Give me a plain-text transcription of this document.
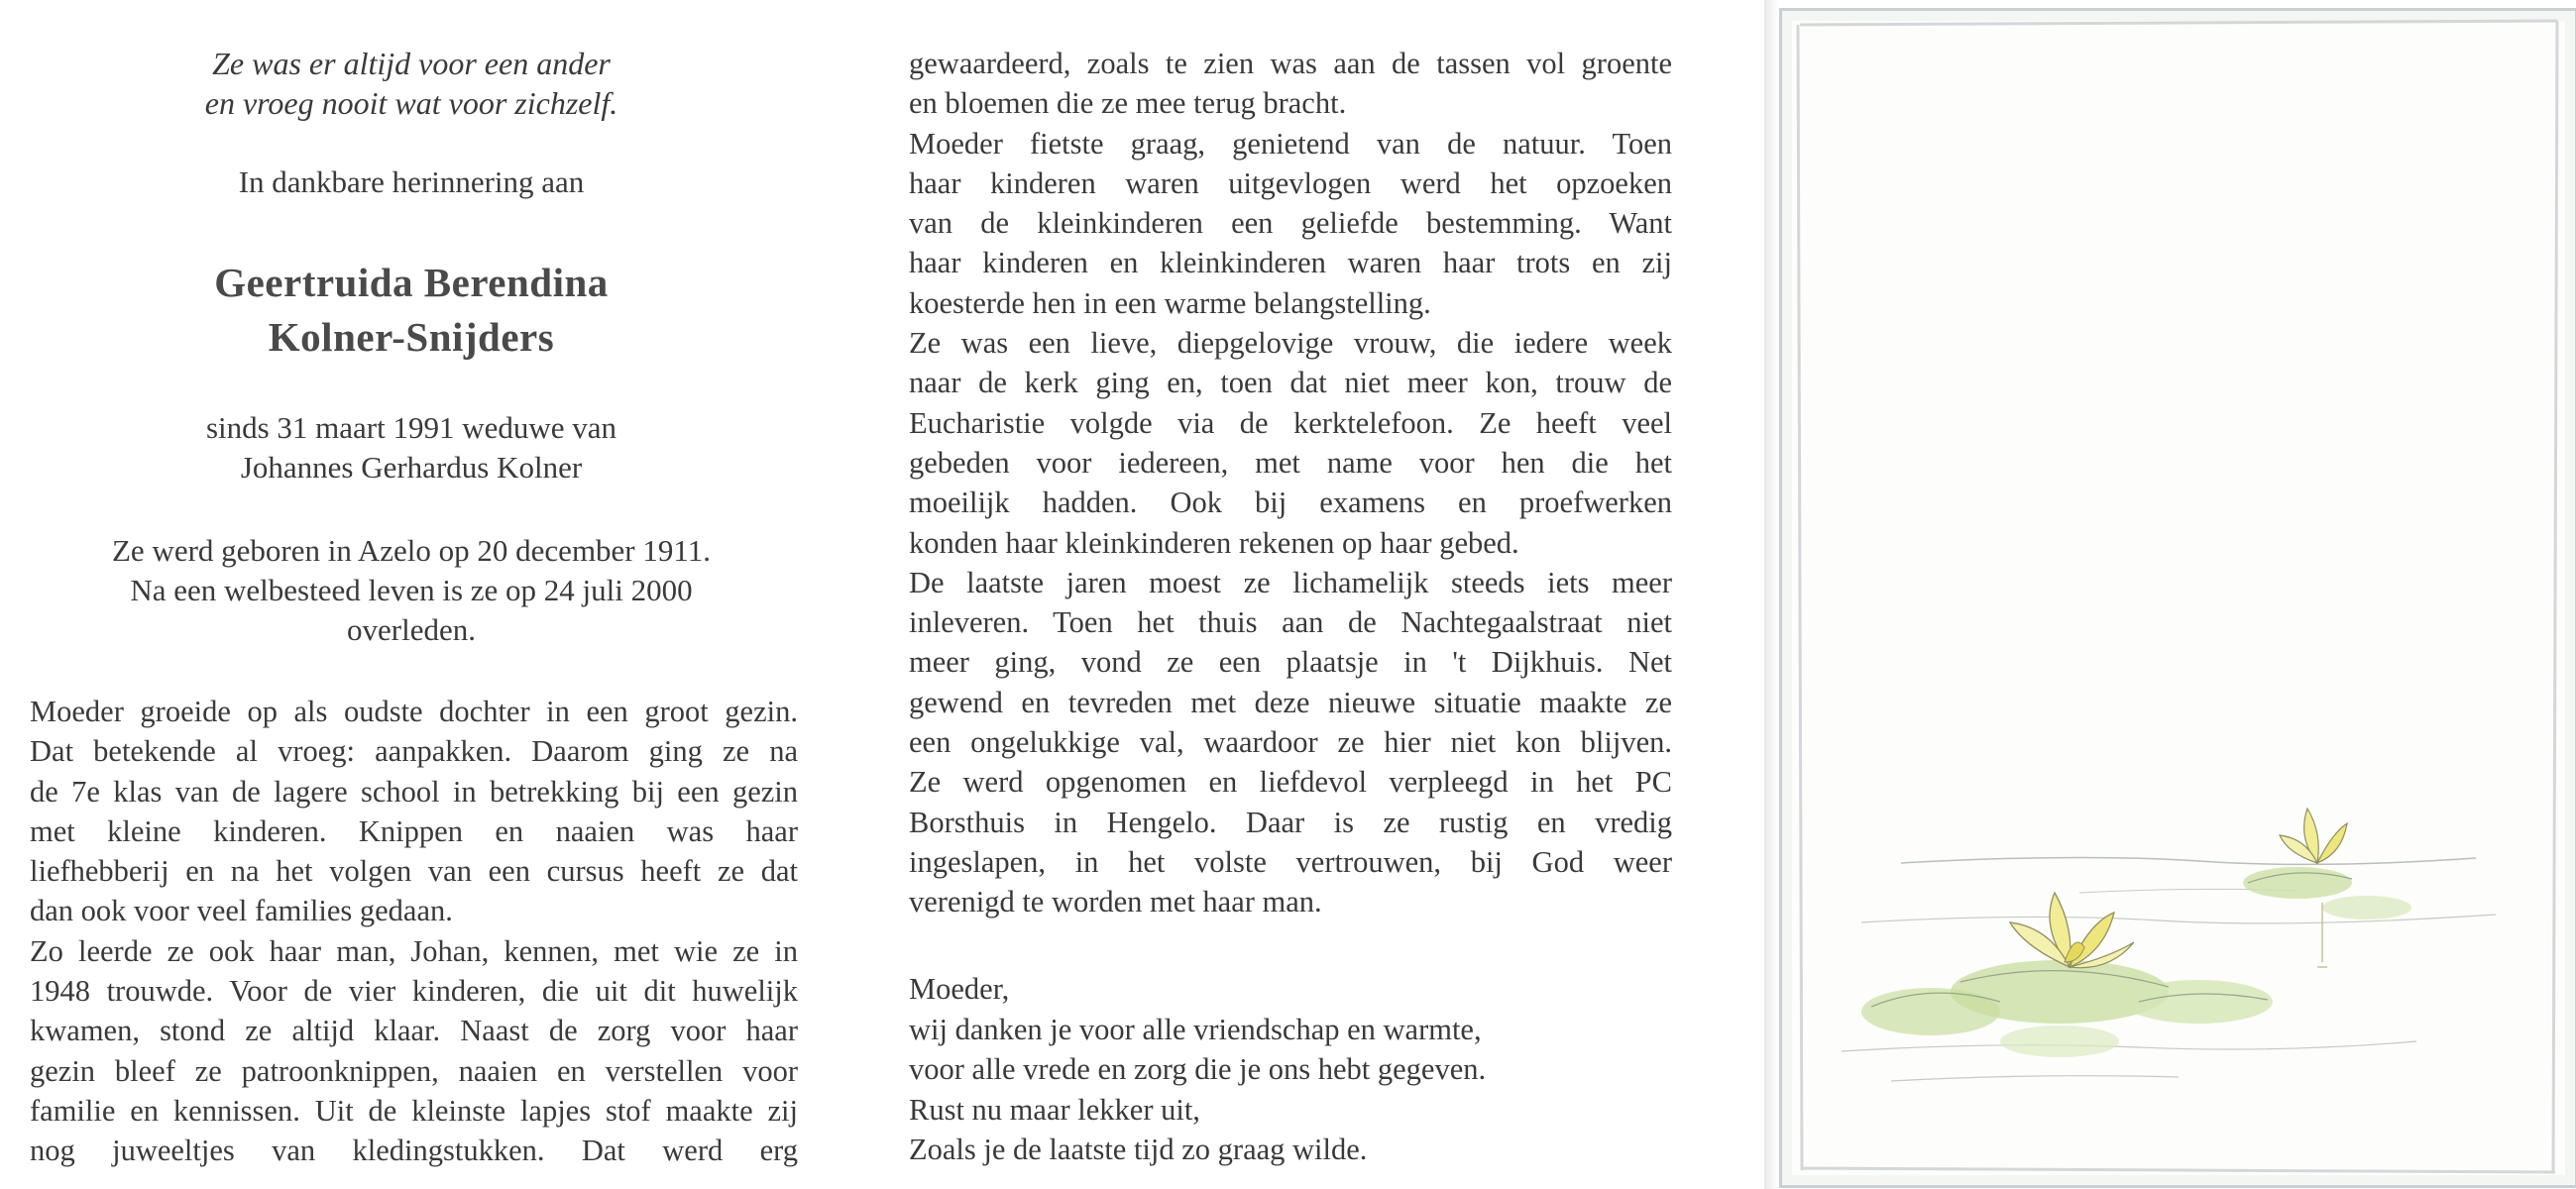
Ze was er altijd voor een ander
en vroeg nooit wat voor zichzelf.
In dankbare herinnering aan
Geertruida Berendina
Kolner-Snijders
sinds 31 maart 1991 weduwe van
Johannes Gerhardus Kolner
Ze werd geboren in Azelo op 20 december 1911.
Na een welbesteed leven is ze op 24 juli 2000
overleden.
Moeder groeide op als oudste dochter in een groot gezin.
Dat betekende al vroeg: aanpakken. Daarom ging ze na
de 7e klas van de lagere school in betrekking bij een gezin
met kleine kinderen. Knippen en naaien was haar
liefhebberij en na het volgen van een cursus heeft ze dat
dan ook voor veel families gedaan.
Zo leerde ze ook haar man, Johan, kennen, met wie ze in
1948 trouwde. Voor de vier kinderen, die uit dit huwelijk
kwamen, stond ze altijd klaar. Naast de zorg voor haar
gezin bleef ze patroonknippen, naaien en verstellen voor
familie en kennissen. Uit de kleinste lapjes stof maakte zij
nog juweeltjes van kledingstukken. Dat werd erg
gewaardeerd, zoals te zien was aan de tassen vol groente
en bloemen die ze mee terug bracht.
Moeder fietste graag, genietend van de natuur. Toen
haar kinderen waren uitgevlogen werd het opzoeken
van de kleinkinderen een geliefde bestemming. Want
haar kinderen en kleinkinderen waren haar trots en zij
koesterde hen in een warme belangstelling.
Ze was een lieve, diepgelovige vrouw, die iedere week
naar de kerk ging en, toen dat niet meer kon, trouw de
Eucharistie volgde via de kerktelefoon. Ze heeft veel
gebeden voor iedereen, met name voor hen die het
moeilijk hadden. Ook bij examens en proefwerken
konden haar kleinkinderen rekenen op haar gebed.
De laatste jaren moest ze lichamelijk steeds iets meer
inleveren. Toen het thuis aan de Nachtegaalstraat niet
meer ging, vond ze een plaatsje in 't Dijkhuis. Net
gewend en tevreden met deze nieuwe situatie maakte ze
een ongelukkige val, waardoor ze hier niet kon blijven.
Ze werd opgenomen en liefdevol verpleegd in het PC
Borsthuis in Hengelo. Daar is ze rustig en vredig
ingeslapen, in het volste vertrouwen, bij God weer
verenigd te worden met haar man.
Moeder,
wij danken je voor alle vriendschap en warmte,
voor alle vrede en zorg die je ons hebt gegeven.
Rust nu maar lekker uit,
Zoals je de laatste tijd zo graag wilde.
